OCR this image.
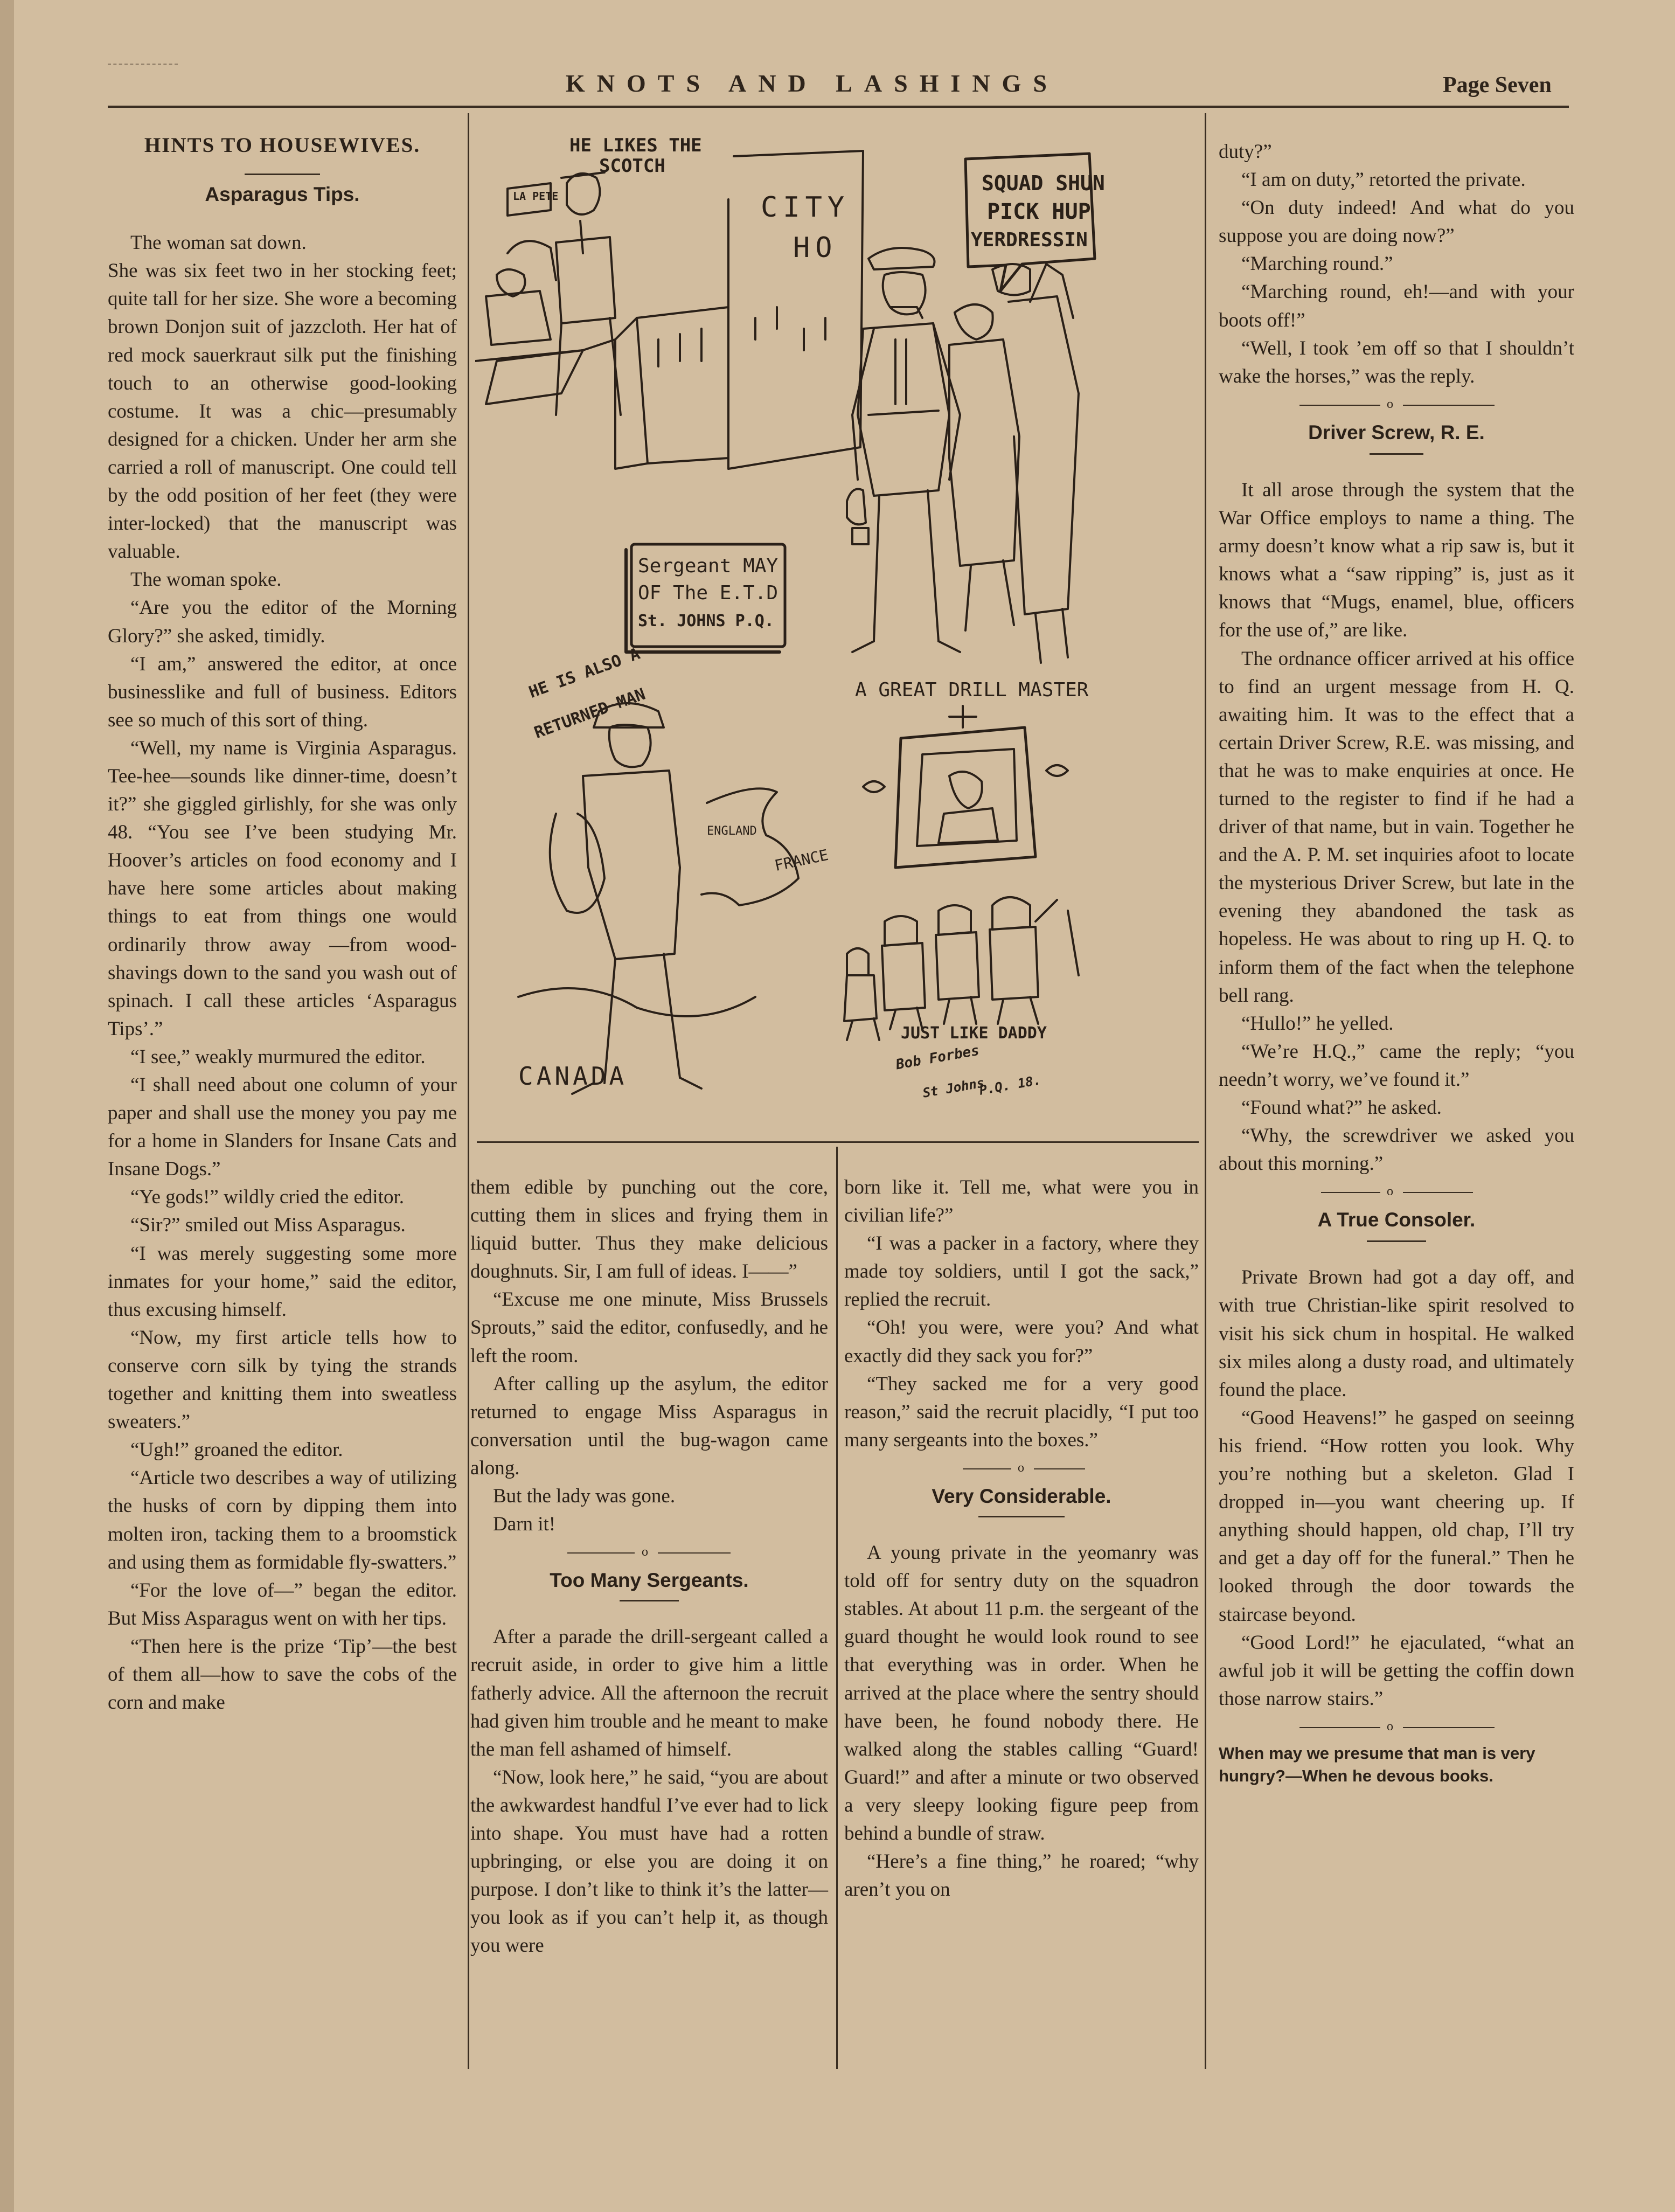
KNOTS AND LASHINGS	Page Seven
HINTS TO HOUSEWIVES.
Asparagus Tips.

The woman sat down.

She was six feet two in her stocking feet; quite tall for her size. She wore a becoming brown Donjon suit of jazzcloth. Her hat of red mock sauerkraut silk put the finishing touch to an otherwise good-looking costume. It was a chic—presumably designed for a chicken. Under her arm she carried a roll of manuscript. One could tell by the odd position of her feet (they were inter-locked) that the manuscript was valuable.

The woman spoke.

“Are you the editor of the Morning Glory?” she asked, timidly.

“I am,” answered the editor, at once businesslike and full of business. Editors see so much of this sort of thing.

“Well, my name is Virginia Asparagus. Tee-hee—sounds like dinner-time, doesn’t it?” she giggled girlishly, for she was only 48. “You see I’ve been studying Mr. Hoover’s articles on food economy and I have here some articles about making things to eat from things one would ordinarily throw away —from wood-shavings down to the sand you wash out of spinach. I call these articles ‘Asparagus Tips’.”

“I see,” weakly murmured the editor.

“I shall need about one column of your paper and shall use the money you pay me for a home in Slanders for Insane Cats and Insane Dogs.”

“Ye gods!” wildly cried the editor.

“Sir?” smiled out Miss Asparagus.

“I was merely suggesting some more inmates for your home,” said the editor, thus excusing himself.

“Now, my first article tells how to conserve corn silk by tying the strands together and knitting them into sweatless sweaters.”

“Ugh!” groaned the editor.

“Article two describes a way of utilizing the husks of corn by dipping them into molten iron, tacking them to a broomstick and using them as formidable fly-swatters.”

“For the love of—” began the editor. But Miss Asparagus went on with her tips.

“Then here is the prize ‘Tip’—the best of them all—how to save the cobs of the corn and make

HE LIKES THE
SCOTCH
LA PETE	CITY
HO
SQUAD SHUN
PICK HUP
YERDRESSIN
Sergeant MAY
OF The E.T.D
St. JOHNS P.Q.
A GREAT DRILL MASTER
HE IS ALSO A
RETURNED MAN
ENGLAND
FRANCE
CANADA
JUST LIKE DADDY
Bob Forbes
St Johns
P.Q. 18.

them edible by punching out the core, cutting them in slices and frying them in liquid butter. Thus they make delicious doughnuts. Sir, I am full of ideas. I——”

“Excuse me one minute, Miss Brussels Sprouts,” said the editor, confusedly, and he left the room.

After calling up the asylum, the editor returned to engage Miss Asparagus in conversation until the bug-wagon came along.

But the lady was gone.

Darn it!

o
Too Many Sergeants.

After a parade the drill-sergeant called a recruit aside, in order to give him a little fatherly advice. All the afternoon the recruit had given him trouble and he meant to make the man fell ashamed of himself.

“Now, look here,” he said, “you are about the awkwardest handful I’ve ever had to lick into shape. You must have had a rotten upbringing, or else you are doing it on purpose. I don’t like to think it’s the latter—you look as if you can’t help it, as though you were

born like it. Tell me, what were you in civilian life?”

“I was a packer in a factory, where they made toy soldiers, until I got the sack,” replied the recruit.

“Oh! you were, were you? And what exactly did they sack you for?”

“They sacked me for a very good reason,” said the recruit placidly, “I put too many sergeants into the boxes.”

o
Very Considerable.

A young private in the yeomanry was told off for sentry duty on the squadron stables. At about 11 p.m. the sergeant of the guard thought he would look round to see that everything was in order. When he arrived at the place where the sentry should have been, he found nobody there. He walked along the stables calling “Guard! Guard!” and after a minute or two observed a very sleepy looking figure peep from behind a bundle of straw.

“Here’s a fine thing,” he roared; “why aren’t you on

duty?”

“I am on duty,” retorted the private.

“On duty indeed! And what do you suppose you are doing now?”

“Marching round.”

“Marching round, eh!—and with your boots off!”

“Well, I took ’em off so that I shouldn’t wake the horses,” was the reply.

o
Driver Screw, R. E.

It all arose through the system that the War Office employs to name a thing. The army doesn’t know what a rip saw is, but it knows what a “saw ripping” is, just as it knows that “Mugs, enamel, blue, officers for the use of,” are like.

The ordnance officer arrived at his office to find an urgent message from H. Q. awaiting him. It was to the effect that a certain Driver Screw, R.E. was missing, and that he was to make enquiries at once. He turned to the register to find if he had a driver of that name, but in vain. Together he and the A. P. M. set inquiries afoot to locate the mysterious Driver Screw, but late in the evening they abandoned the task as hopeless. He was about to ring up H. Q. to inform them of the fact when the telephone bell rang.

“Hullo!” he yelled.

“We’re H.Q.,” came the reply; “you needn’t worry, we’ve found it.”

“Found what?” he asked.

“Why, the screwdriver we asked you about this morning.”

o
A True Consoler.

Private Brown had got a day off, and with true Christian-like spirit resolved to visit his sick chum in hospital. He walked six miles along a dusty road, and ultimately found the place.

“Good Heavens!” he gasped on seeinng his friend. “How rotten you look. Why you’re nothing but a skeleton. Glad I dropped in—you want cheering up. If anything should happen, old chap, I’ll try and get a day off for the funeral.” Then he looked through the door towards the staircase beyond.

“Good Lord!” he ejaculated, “what an awful job it will be getting the coffin down those narrow stairs.”

o

When may we presume that man is very hungry?—When he devous books.
